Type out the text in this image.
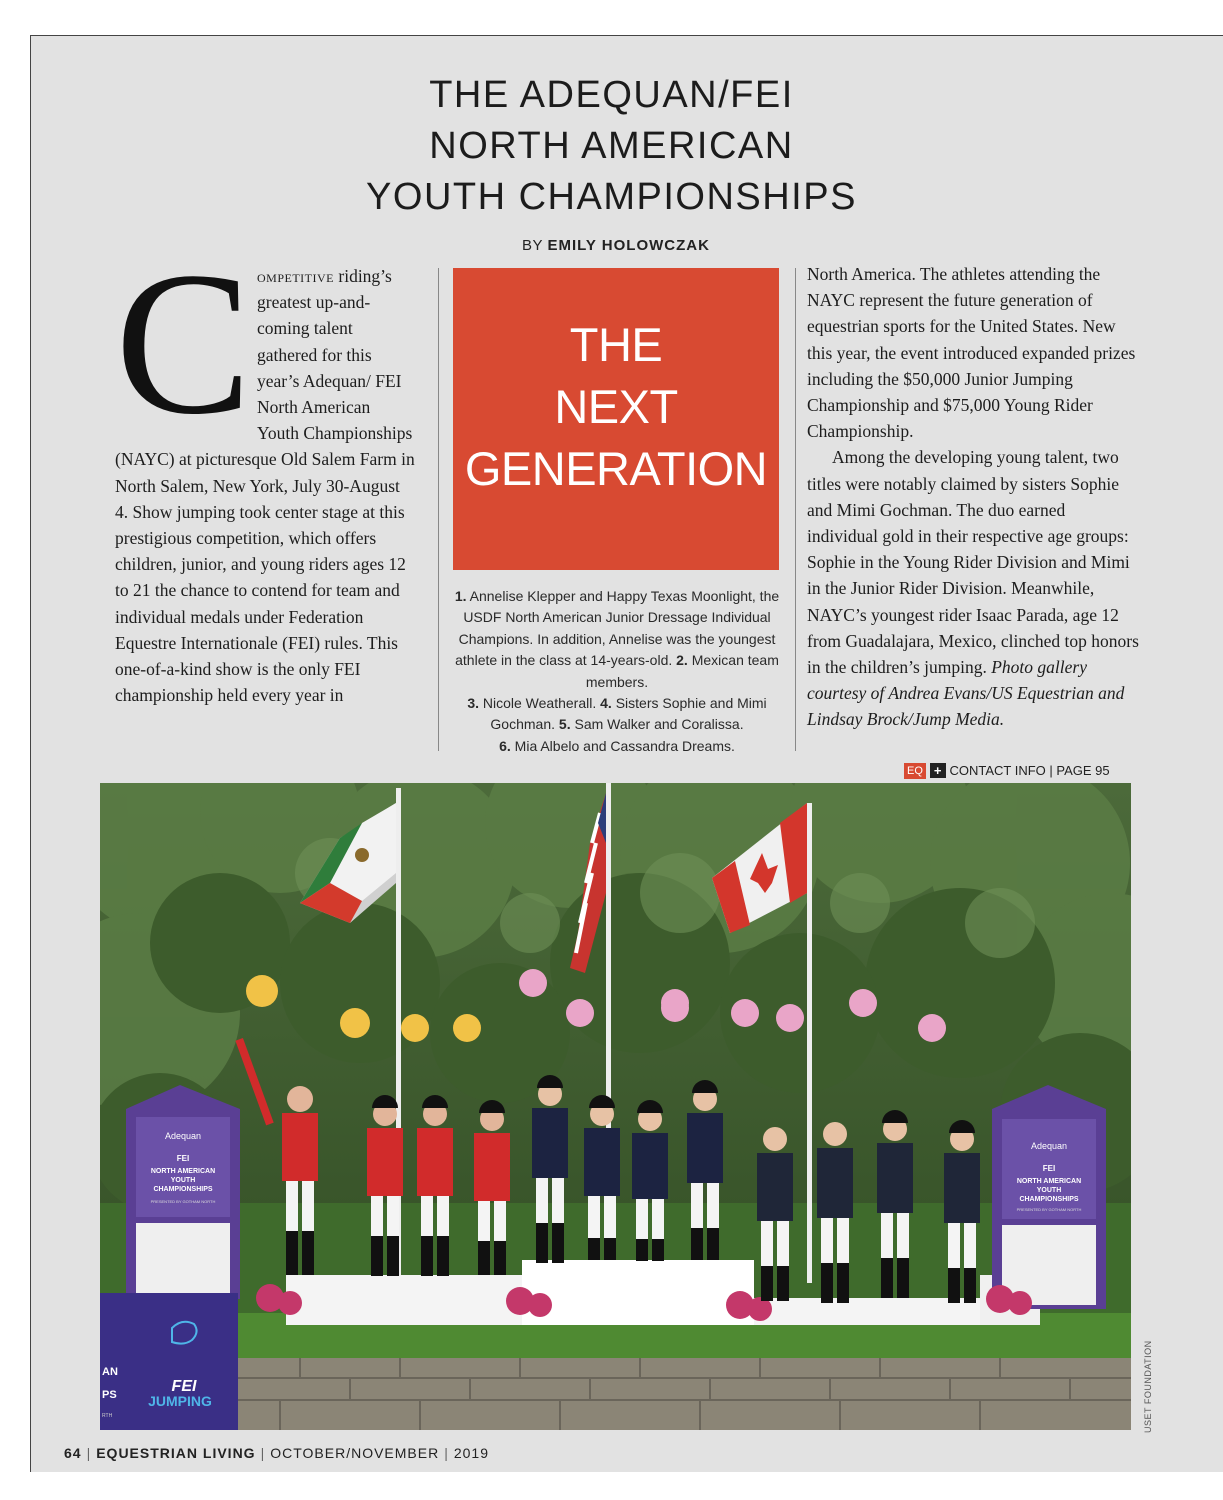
THE ADEQUAN/FEI
NORTH AMERICAN
YOUTH CHAMPIONSHIPS
BY EMILY HOLOWCZAK
Competitive riding’s greatest up-and-coming talent gathered for this year’s Adequan/ FEI North American Youth Championships (NAYC) at picturesque Old Salem Farm in North Salem, New York, July 30-August 4. Show jumping took center stage at this prestigious competition, which offers children, junior, and young riders ages 12 to 21 the chance to contend for team and individual medals under Federation Equestre Internationale (FEI) rules. This one-of-a-kind show is the only FEI championship held every year in
THE
NEXT
GENERATION
1. Annelise Klepper and Happy Texas Moonlight, the USDF North American Junior Dressage Individual Champions. In addition, Annelise was the youngest athlete in the class at 14-years-old. 2. Mexican team members.
3. Nicole Weatherall. 4. Sisters Sophie and Mimi Gochman. 5. Sam Walker and Coralissa.
6. Mia Albelo and Cassandra Dreams.

North America. The athletes attending the NAYC represent the future generation of equestrian sports for the United States. New this year, the event introduced expanded prizes including the $50,000 Junior Jumping Championship and $75,000 Young Rider Championship.

Among the developing young talent, two titles were notably claimed by sisters Sophie and Mimi Gochman. The duo earned individual gold in their respective age groups: Sophie in the Young Rider Division and Mimi in the Junior Rider Division. Meanwhile, NAYC’s youngest rider Isaac Parada, age 12 from Guadalajara, Mexico, clinched top honors in the children’s jumping. Photo gallery courtesy of Andrea Evans/US Equestrian and Lindsay Brock/Jump Media.

EQ + CONTACT INFO | PAGE 95
Adequan
FEI
NORTH AMERICAN
YOUTH
CHAMPIONSHIPS
PRESENTED BY GOTHAM NORTH
Adequan
FEI
NORTH AMERICAN
YOUTH
CHAMPIONSHIPS
PRESENTED BY GOTHAM NORTH
AN
PS
RTH
FEI
JUMPING	USET FOUNDATION
64 | EQUESTRIAN LIVING | OCTOBER/NOVEMBER | 2019
